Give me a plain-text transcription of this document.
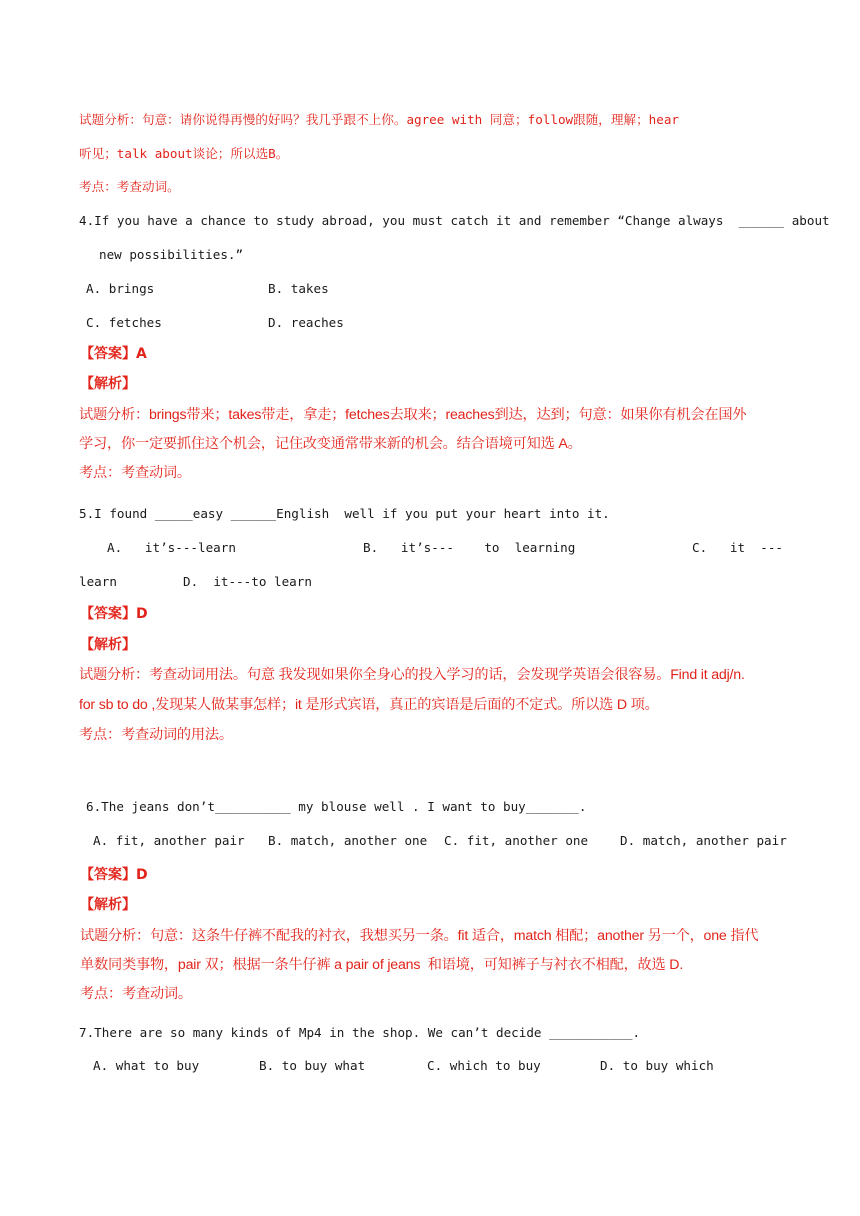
试题分析：句意：请你说得再慢的好吗？我几乎跟不上你。agree with 同意；follow跟随，理解；hear
听见；talk about谈论；所以选B。
考点：考查动词。
4.If you have a chance to study abroad, you must catch it and remember “Change always  ______ about
new possibilities.”
A. brings	B. takes
C. fetches	D. reaches
【答案】A
【解析】
试题分析：brings带来；takes带走，拿走；fetches去取来；reaches到达，达到；句意：如果你有机会在国外
学习，你一定要抓住这个机会，记住改变通常带来新的机会。结合语境可知选 A。
考点：考查动词。
5.I found _____easy ______English  well if you put your heart into it.
A.   it’s---learn	B.   it’s---    to  learning	C.   it  ---
learn	D.  it---to learn
【答案】D
【解析】
试题分析：考查动词用法。句意 我发现如果你全身心的投入学习的话，会发现学英语会很容易。Find it adj/n.
for sb to do ,发现某人做某事怎样；it 是形式宾语，真正的宾语是后面的不定式。所以选 D 项。
考点：考查动词的用法。
6.The jeans don’t__________ my blouse well . I want to buy_______.
A. fit, another pair B. match, another one C. fit, another one	D. match, another pair
【答案】D
【解析】
试题分析：句意：这条牛仔裤不配我的衬衣，我想买另一条。fit 适合，match 相配；another 另一个，one 指代
单数同类事物，pair 双；根据一条牛仔裤 a pair of jeans  和语境，可知裤子与衬衣不相配，故选 D.
考点：考查动词。
7.There are so many kinds of Mp4 in the shop. We can’t decide ___________.
A. what to buy	B. to buy what	C. which to buy	D. to buy which
